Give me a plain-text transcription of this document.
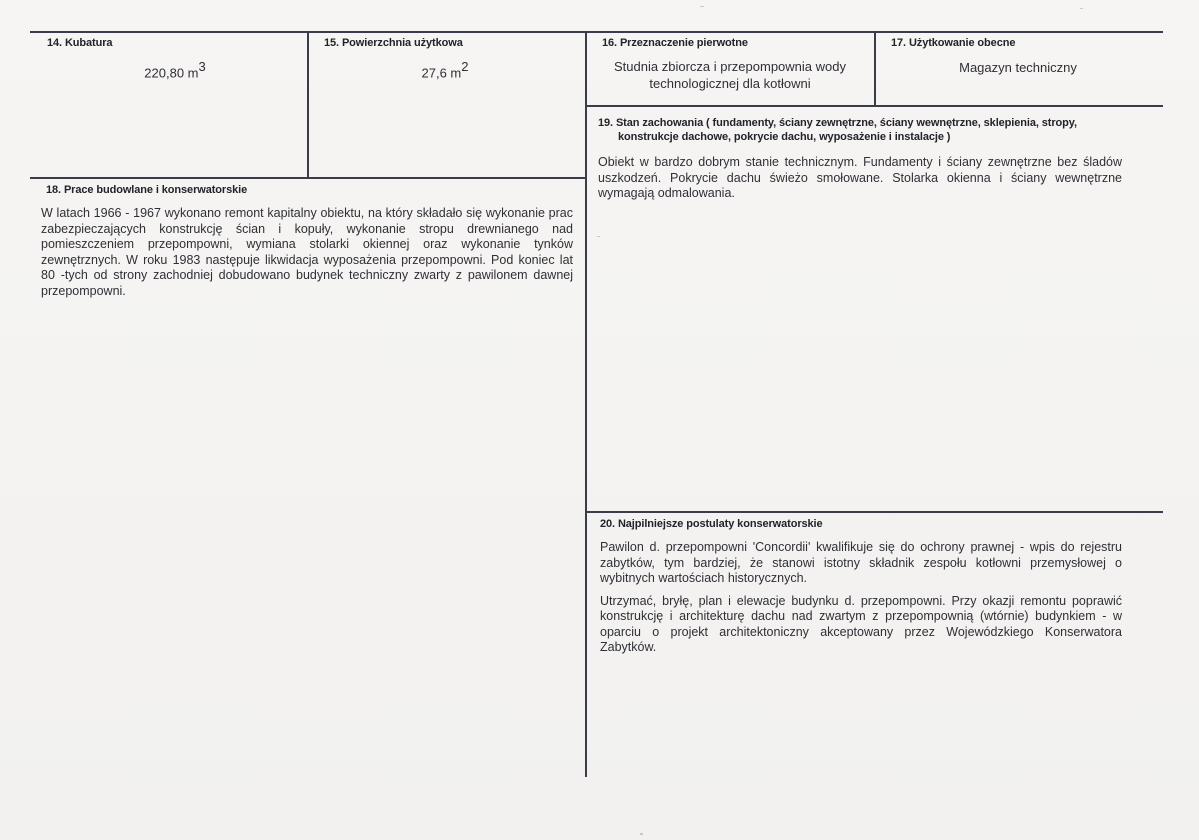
14. Kubatura
220,80 $m^3$
15. Powierzchnia użytkowa
27,6 $m^2$
16. Przeznaczenie pierwotne
Studnia zbiorcza i przepompownia wody technologicznej dla kotłowni
17. Użytkowanie obecne
Magazyn techniczny
18. Prace budowlane i konserwatorskie
W latach 1966 - 1967 wykonano remont kapitalny obiektu, na który składało się wykonanie prac zabezpieczających konstrukcję ścian i kopuły, wykonanie stropu drewnianego nad pomieszczeniem przepompowni, wymiana stolarki okiennej oraz wykonanie tynków zewnętrznych. W roku 1983 następuje likwidacja wyposażenia przepompowni. Pod koniec lat 80 -tych od strony zachodniej dobudowano budynek techniczny zwarty z pawilonem dawnej przepompowni.
19. Stan zachowania ( fundamenty, ściany zewnętrzne, ściany wewnętrzne, sklepienia, stropy, konstrukcje dachowe, pokrycie dachu, wyposażenie i instalacje )
Obiekt w bardzo dobrym stanie technicznym. Fundamenty i ściany zewnętrzne bez śladów uszkodzeń. Pokrycie dachu świeżo smołowane. Stolarka okienna i ściany wewnętrzne wymagają odmalowania.
20. Najpilniejsze postulaty konserwatorskie

Pawilon d. przepompowni 'Concordii' kwalifikuje się do ochrony prawnej - wpis do rejestru zabytków, tym bardziej, że stanowi istotny składnik zespołu kotłowni przemysłowej o wybitnych wartościach historycznych.

Utrzymać, bryłę, plan i elewacje budynku d. przepompowni. Przy okazji remontu poprawić konstrukcję i architekturę dachu nad zwartym z przepompownią (wtórnie) budynkiem - w oparciu o projekt architektoniczny akceptowany przez Wojewódzkiego Konserwatora Zabytków.
